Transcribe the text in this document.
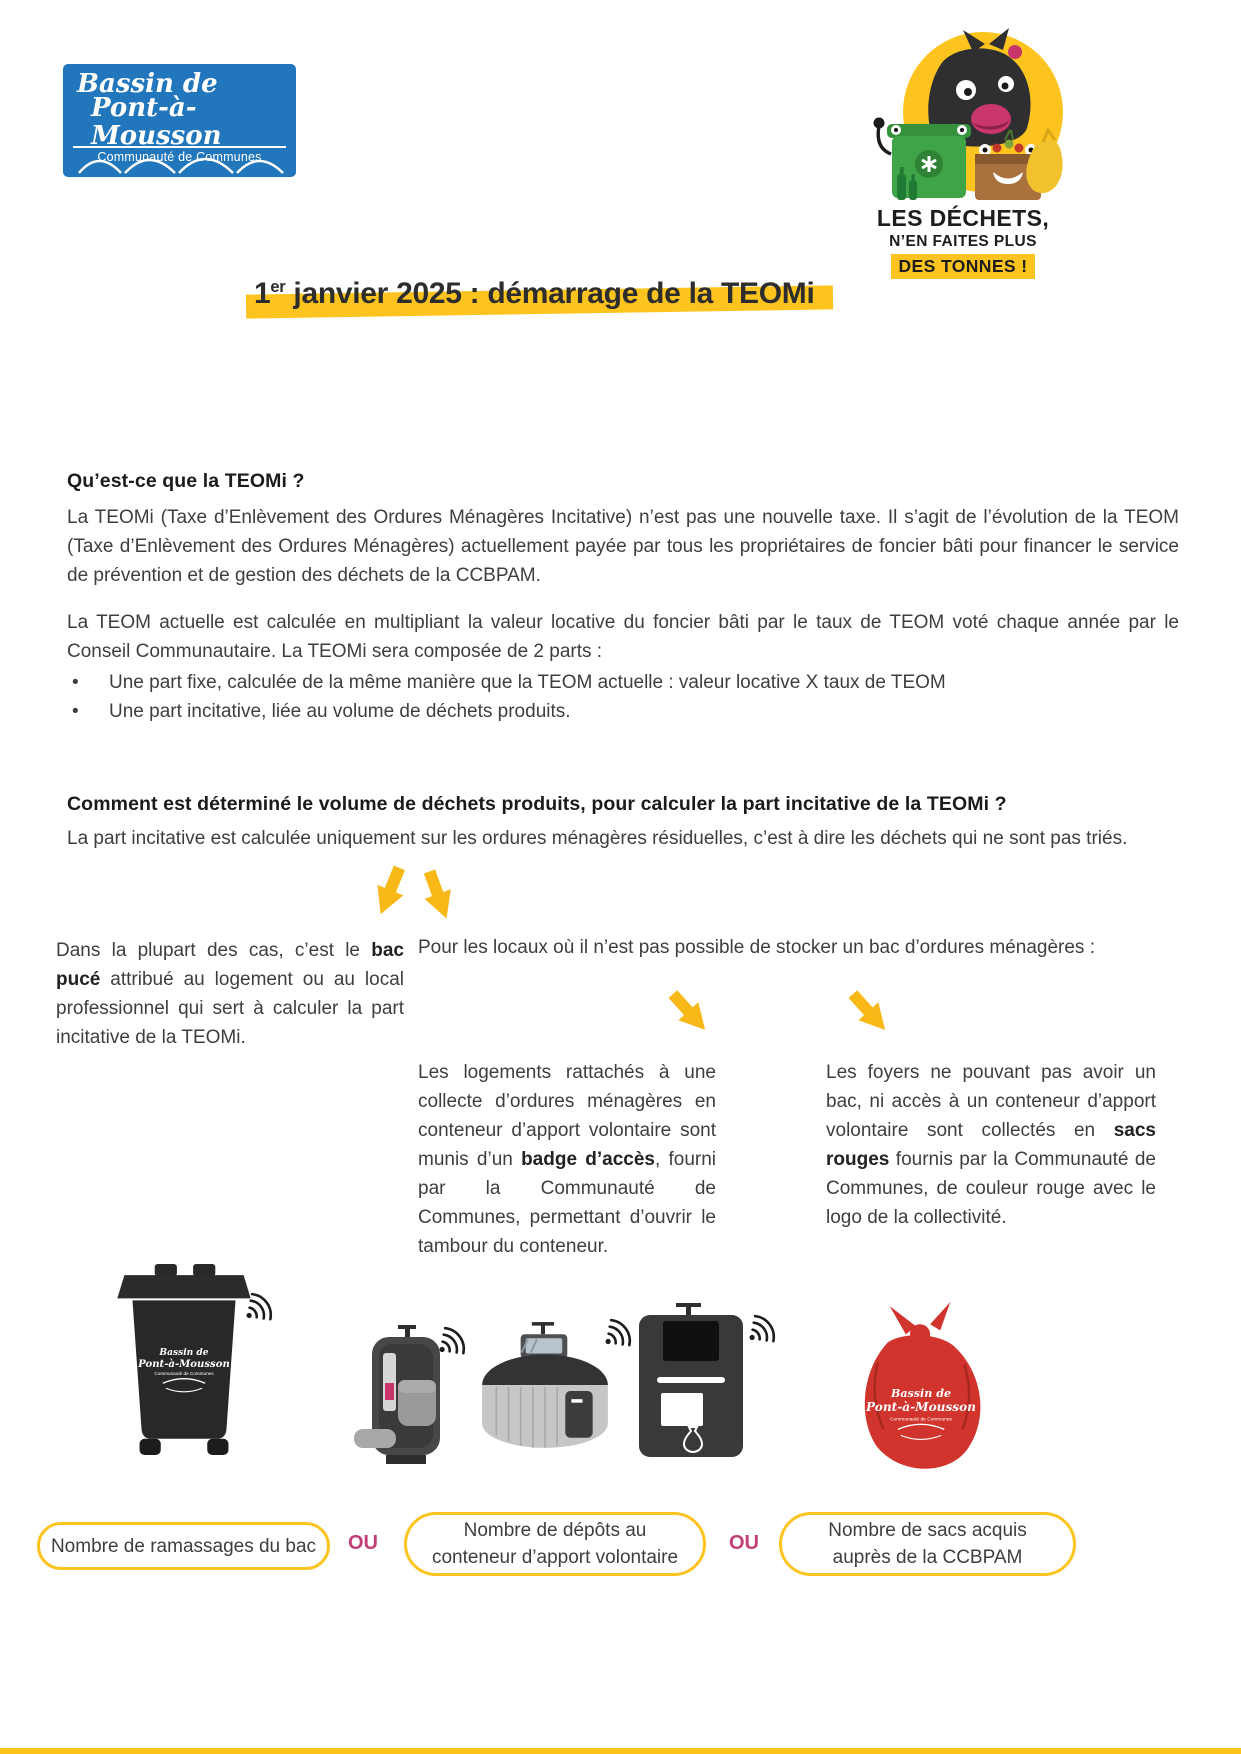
Bassin de
Pont-à-Mousson
Communauté de Communes
LES DÉCHETS,
N’EN FAITES PLUS
DES TONNES !
1er janvier 2025 : démarrage de la TEOMi
Qu’est-ce que la TEOMi ?
La TEOMi (Taxe d’Enlèvement des Ordures Ménagères Incitative) n’est pas une nouvelle taxe. Il s’agit de l’évolution de la TEOM (Taxe d’Enlèvement des Ordures Ménagères) actuellement payée par tous les propriétaires de foncier bâti pour financer le service de prévention et de gestion des déchets de la CCBPAM.
La TEOM actuelle est calculée en multipliant la valeur locative du foncier bâti par le taux de TEOM voté chaque année par le Conseil Communautaire. La TEOMi sera composée de 2 parts :
•	Une part fixe, calculée de la même manière que la TEOM actuelle : valeur locative X taux de TEOM
•	Une part incitative, liée au volume de déchets produits.
Comment est déterminé le volume de déchets produits, pour calculer la part incitative de la TEOMi ?
La part incitative est calculée uniquement sur les ordures ménagères résiduelles, c’est à dire les déchets qui ne sont pas triés.
Dans la plupart des cas, c’est le bac pucé attribué au logement ou au local professionnel qui sert à calculer la part incitative de la TEOMi.
Pour les locaux où il n’est pas possible de stocker un bac d’ordures ménagères :
Les logements rattachés à une collecte d’ordures ménagères en conteneur d’apport volontaire sont munis d’un badge d’accès, fourni par la Communauté de Communes, permettant d’ouvrir le tambour du conteneur.
Les foyers ne pouvant pas avoir un bac, ni accès à un conteneur d’apport volontaire sont collectés en sacs rouges fournis par la Communauté de Communes, de couleur rouge avec le logo de la collectivité.
Bassin de
Pont-à-Mousson
Communauté de Communes
Bassin de
Pont-à-Mousson
Communauté de Communes
Nombre de ramassages du bac OU
Nombre de dépôts au
conteneur d’apport volontaire
OU
Nombre de sacs acquis
auprès de la CCBPAM
